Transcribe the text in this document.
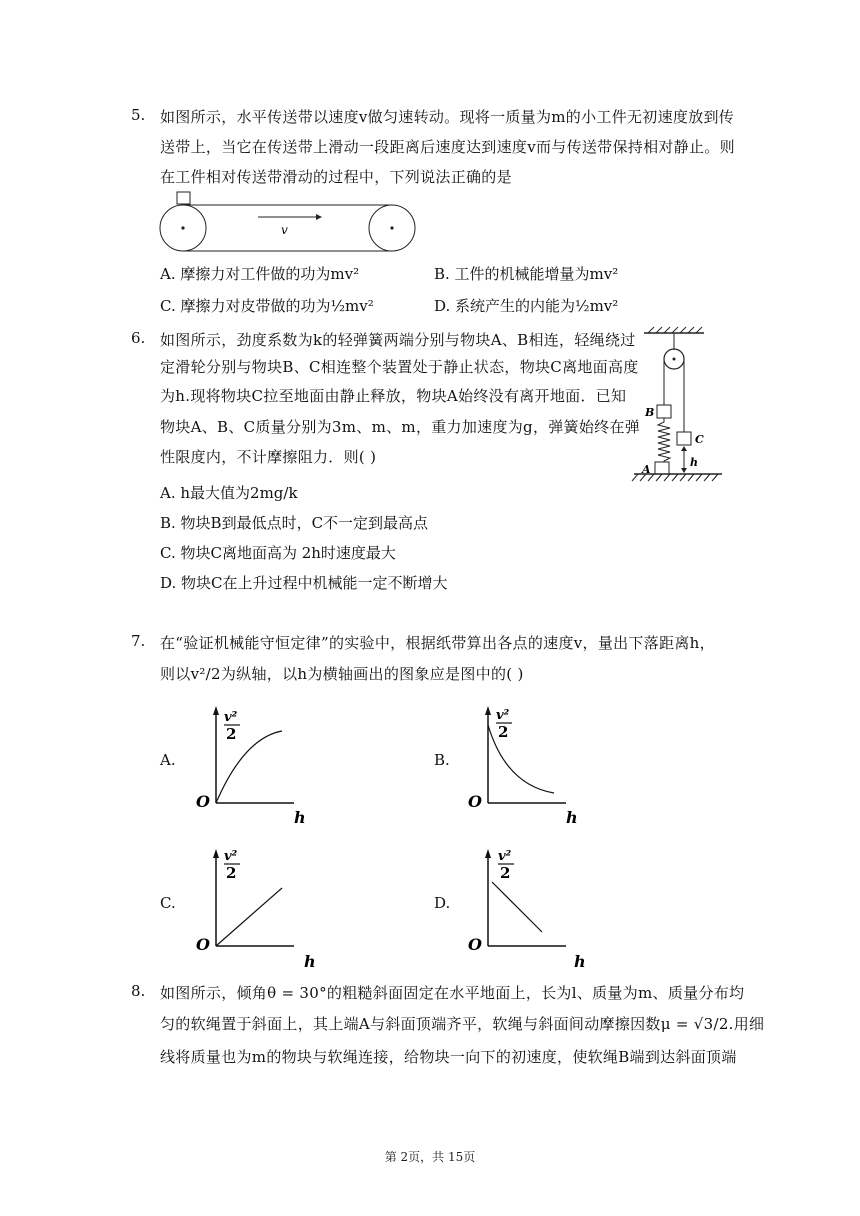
5. 如图所示，水平传送带以速度v做匀速转动。现将一质量为m的小工件无初速度放到传
送带上，当它在传送带上滑动一段距离后速度达到速度v而与传送带保持相对静止。则
在工件相对传送带滑动的过程中，下列说法正确的是
v
A. 摩擦力对工件做的功为mv²	B. 工件的机械能增量为mv²
C. 摩擦力对皮带做的功为½mv²	D. 系统产生的内能为½mv²
6. 如图所示，劲度系数为k的轻弹簧两端分别与物块A、B相连，轻绳绕过
定滑轮分别与物块B、C相连整个装置处于静止状态，物块C离地面高度
为h.现将物块C拉至地面由静止释放，物块A始终没有离开地面．已知
物块A、B、C质量分别为3m、m、m，重力加速度为g，弹簧始终在弹
性限度内，不计摩擦阻力．则( )
A. h最大值为2mg/k
B. 物块B到最低点时，C不一定到最高点
C. 物块C离地面高为 2h时速度最大
D. 物块C在上升过程中机械能一定不断增大
B
A
C
h
7. 在“验证机械能守恒定律”的实验中，根据纸带算出各点的速度v，量出下落距离h，
则以v²/2为纵轴，以h为横轴画出的图象应是图中的( )
A.	B.
C.	D.
O
v²
2
h
O
v²
2
h
O
v²
2
h
O
v²
2
h
8. 如图所示，倾角θ = 30°的粗糙斜面固定在水平地面上，长为l、质量为m、质量分布均
匀的软绳置于斜面上，其上端A与斜面顶端齐平，软绳与斜面间动摩擦因数μ = √3/2.用细
线将质量也为m的物块与软绳连接，给物块一向下的初速度，使软绳B端到达斜面顶端
第 2页，共 15页
